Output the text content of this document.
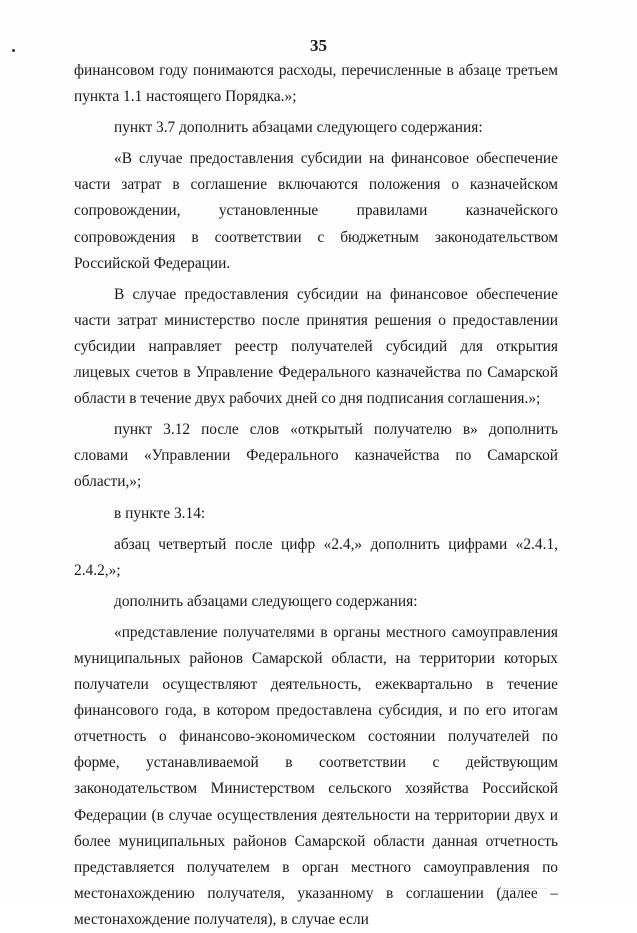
35

финансовом году понимаются расходы, перечисленные в абзаце третьем пункта 1.1 настоящего Порядка.»;

пункт 3.7 дополнить абзацами следующего содержания:

«В случае предоставления субсидии на финансовое обеспечение части затрат в соглашение включаются положения о казначейском сопровождении, установленные правилами казначейского сопровождения в соответствии с бюджетным законодательством Российской Федерации.

В случае предоставления субсидии на финансовое обеспечение части затрат министерство после принятия решения о предоставлении субсидии направляет реестр получателей субсидий для открытия лицевых счетов в Управление Федерального казначейства по Самарской области в течение двух рабочих дней со дня подписания соглашения.»;

пункт 3.12 после слов «открытый получателю в» дополнить словами «Управлении Федерального казначейства по Самарской области,»;

в пункте 3.14:

абзац четвертый после цифр «2.4,» дополнить цифрами «2.4.1, 2.4.2,»;

дополнить абзацами следующего содержания:

«представление получателями в органы местного самоуправления муниципальных районов Самарской области, на территории которых получатели осуществляют деятельность, ежеквартально в течение финансового года, в котором предоставлена субсидия, и по его итогам отчетность о финансово-экономическом состоянии получателей по форме, устанавливаемой в соответствии с действующим законодательством Министерством сельского хозяйства Российской Федерации (в случае осуществления деятельности на территории двух и более муниципальных районов Самарской области данная отчетность представляется получателем в орган местного самоуправления по местонахождению получателя, указанному в соглашении (далее – местонахождение получателя), в случае если
